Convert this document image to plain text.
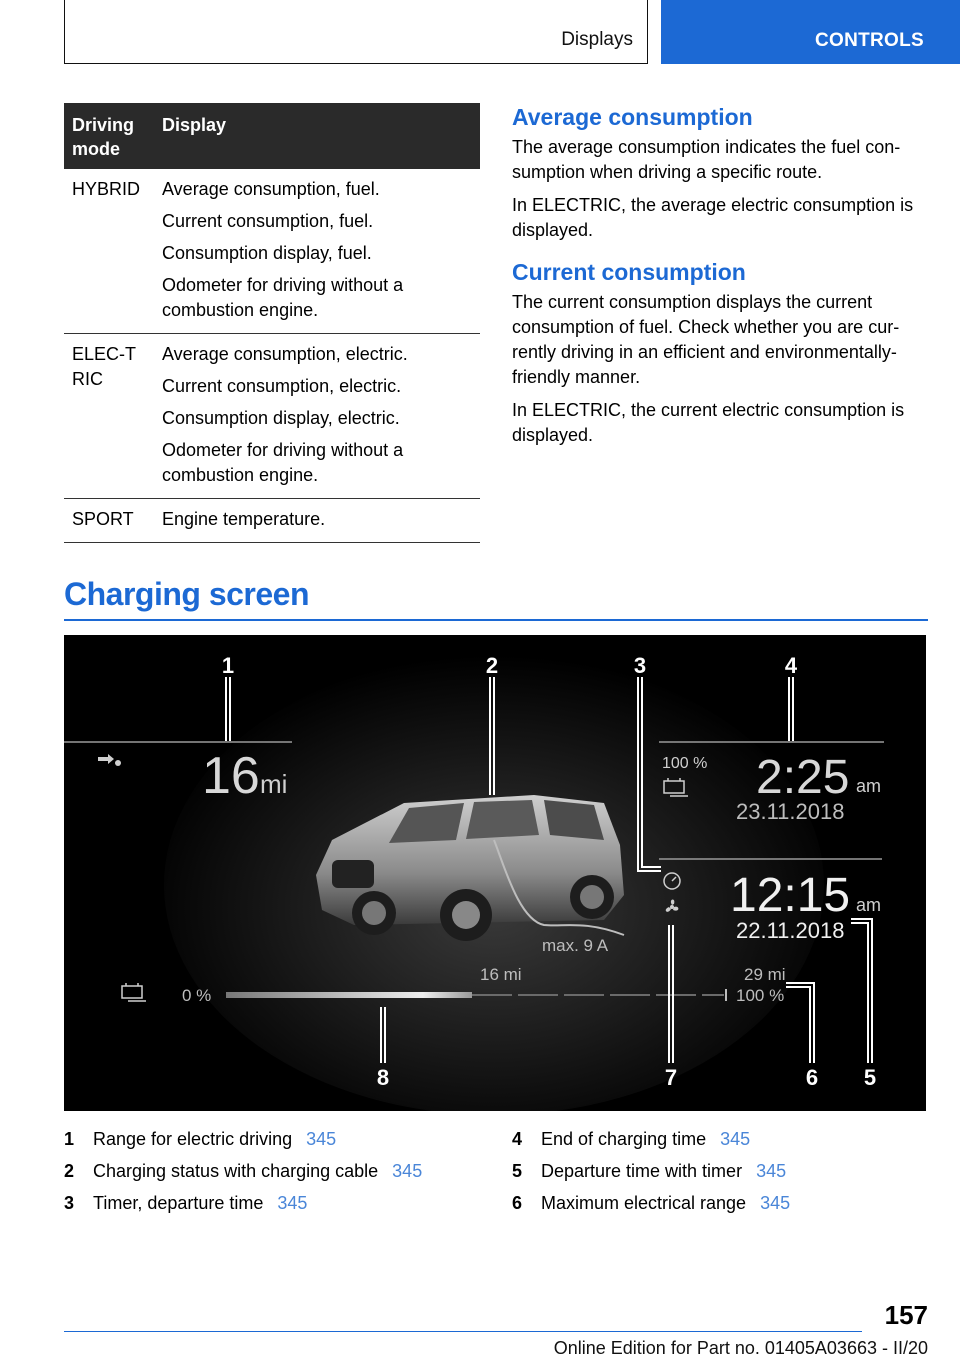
Displays	CONTROLS
Driving mode	Display
HYBRID	Average consumption, fuel.

Current consumption, fuel.

Consumption display, fuel.

Odometer for driving without a combustion engine.

ELEC-TRIC	Average consumption, electric.

Current consumption, electric.

Consumption display, electric.

Odometer for driving without a combustion engine.

SPORT	Engine temperature.

Average consumption

The average consumption indicates the fuel con-sumption when driving a specific route.

In ELECTRIC, the average electric consumption is displayed.

Current consumption

The current consumption displays the current consumption of fuel. Check whether you are cur-rently driving in an efficient and environmentally-friendly manner.

In ELECTRIC, the current electric consumption is displayed.

Charging screen
16 mi
max. 9 A
100 % 2:25 am
23.11.2018
12:15 am
22.11.2018
0 %
16 mi	29 mi
100 %
1	2	3	4
5
6
7
8
1 Range for electric driving 345
2 Charging status with charging cable 345
3 Timer, departure time 345
4 End of charging time 345
5 Departure time with timer 345
6 Maximum electrical range 345
157
Online Edition for Part no. 01405A03663 - II/20
